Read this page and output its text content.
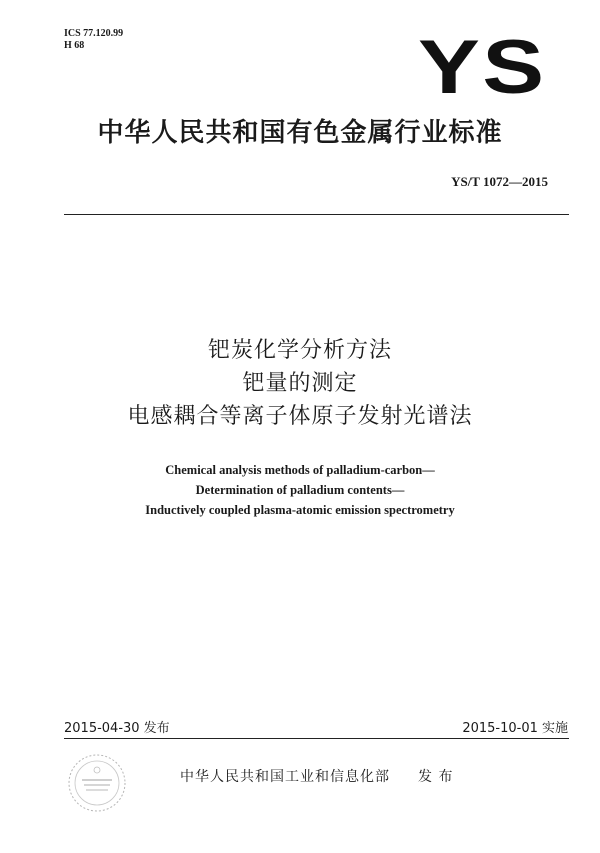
ICS 77.120.99
H 68	YS
中华人民共和国有色金属行业标准
YS/T 1072—2015
钯炭化学分析方法
钯量的测定
电感耦合等离子体原子发射光谱法
Chemical analysis methods of palladium-carbon—
Determination of palladium contents—
Inductively coupled plasma-atomic emission spectrometry
2015-04-30 发布	2015-10-01 实施
中华人民共和国工业和信息化部 发 布
